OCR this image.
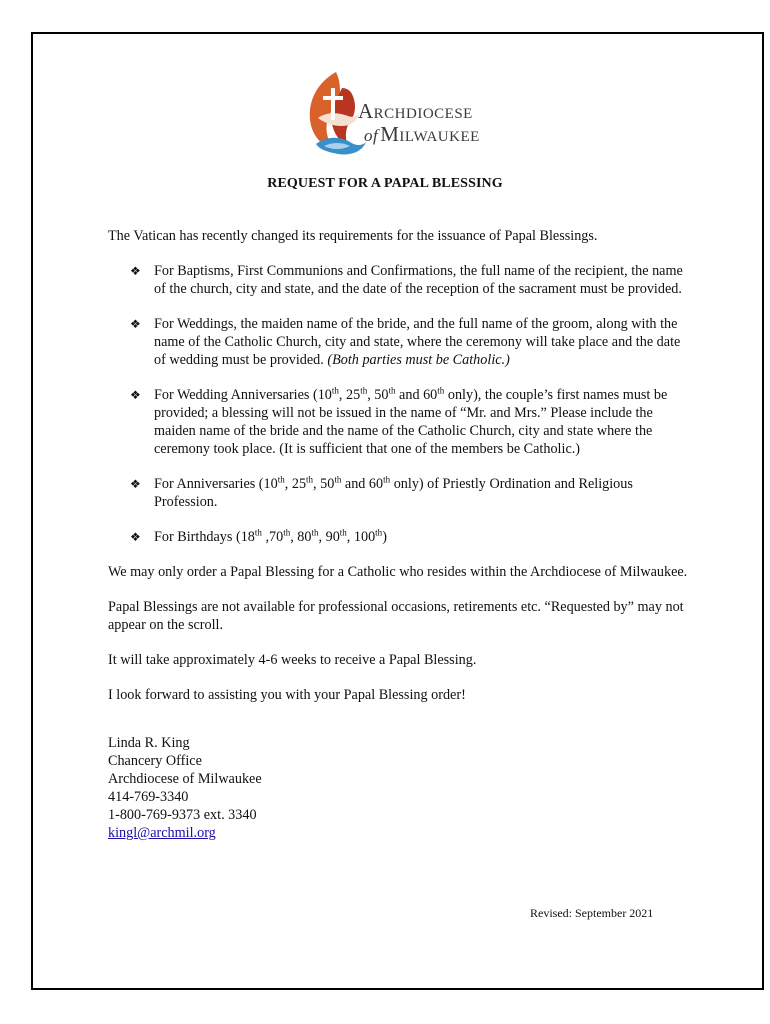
Archdiocese
ofMilwaukee
REQUEST FOR A PAPAL BLESSING

The Vatican has recently changed its requirements for the issuance of Papal Blessings.

❖ For Baptisms, First Communions and Confirmations, the full name of the recipient, the name of the church, city and state, and the date of the reception of the sacrament must be provided.
❖ For Weddings, the maiden name of the bride, and the full name of the groom, along with the name of the Catholic Church, city and state, where the ceremony will take place and the date of wedding must be provided. (Both parties must be Catholic.)
❖ For Wedding Anniversaries (10th, 25th, 50th and 60th only), the couple’s first names must be provided; a blessing will not be issued in the name of “Mr. and Mrs.” Please include the maiden name of the bride and the name of the Catholic Church, city and state where the ceremony took place. (It is sufficient that one of the members be Catholic.)
❖ For Anniversaries (10th, 25th, 50th and 60th only) of Priestly Ordination and Religious Profession.
❖ For Birthdays (18th ,70th, 80th, 90th, 100th)

We may only order a Papal Blessing for a Catholic who resides within the Archdiocese of Milwaukee.

Papal Blessings are not available for professional occasions, retirements etc. “Requested by” may not appear on the scroll.

It will take approximately 4-6 weeks to receive a Papal Blessing.

I look forward to assisting you with your Papal Blessing order!

Linda R. King
Chancery Office
Archdiocese of Milwaukee
414-769-3340
1-800-769-9373 ext. 3340
kingl@archmil.org
Revised: September 2021
